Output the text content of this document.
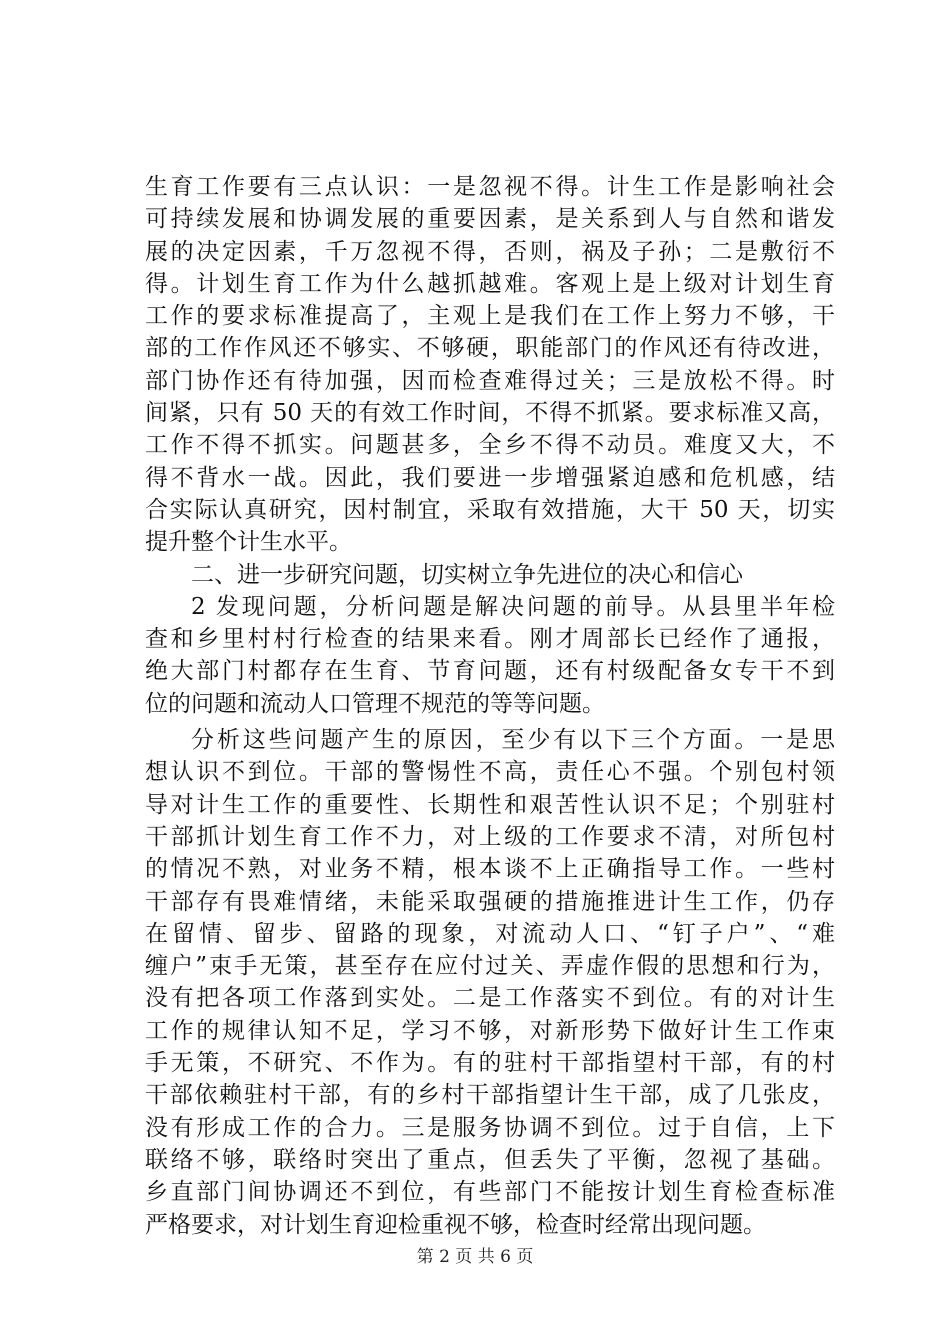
生育工作要有三点认识：一是忽视不得。计生工作是影响社会
可持续发展和协调发展的重要因素，是关系到人与自然和谐发
展的决定因素，千万忽视不得，否则，祸及子孙；二是敷衍不
得。计划生育工作为什么越抓越难。客观上是上级对计划生育
工作的要求标准提高了，主观上是我们在工作上努力不够，干
部的工作作风还不够实、不够硬，职能部门的作风还有待改进，
部门协作还有待加强，因而检查难得过关；三是放松不得。时
间紧，只有 50 天的有效工作时间，不得不抓紧。要求标准又高，
工作不得不抓实。问题甚多，全乡不得不动员。难度又大，不
得不背水一战。因此，我们要进一步增强紧迫感和危机感，结
合实际认真研究，因村制宜，采取有效措施，大干 50 天，切实
提升整个计生水平。
二、进一步研究问题，切实树立争先进位的决心和信心
2 发现问题，分析问题是解决问题的前导。从县里半年检
查和乡里村村行检查的结果来看。刚才周部长已经作了通报，
绝大部门村都存在生育、节育问题，还有村级配备女专干不到
位的问题和流动人口管理不规范的等等问题。
分析这些问题产生的原因，至少有以下三个方面。一是思
想认识不到位。干部的警惕性不高，责任心不强。个别包村领
导对计生工作的重要性、长期性和艰苦性认识不足；个别驻村
干部抓计划生育工作不力，对上级的工作要求不清，对所包村
的情况不熟，对业务不精，根本谈不上正确指导工作。一些村
干部存有畏难情绪，未能采取强硬的措施推进计生工作，仍存
在留情、留步、留路的现象，对流动人口、“钉子户”、“难
缠户”束手无策，甚至存在应付过关、弄虚作假的思想和行为，
没有把各项工作落到实处。二是工作落实不到位。有的对计生
工作的规律认知不足，学习不够，对新形势下做好计生工作束
手无策，不研究、不作为。有的驻村干部指望村干部，有的村
干部依赖驻村干部，有的乡村干部指望计生干部，成了几张皮，
没有形成工作的合力。三是服务协调不到位。过于自信，上下
联络不够，联络时突出了重点，但丢失了平衡，忽视了基础。
乡直部门间协调还不到位，有些部门不能按计划生育检查标准
严格要求，对计划生育迎检重视不够，检查时经常出现问题。
第 2 页 共 6 页
